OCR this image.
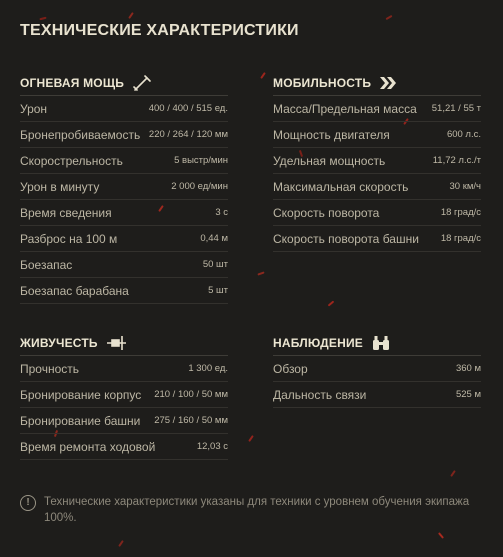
ТЕХНИЧЕСКИЕ ХАРАКТЕРИСТИКИ
ОГНЕВАЯ МОЩЬ
Урон	400 / 400 / 515 ед.
Бронепробиваемость 220 / 264 / 120 мм
Скорострельность	5 выстр/мин
Урон в минуту	2 000 ед/мин
Время сведения	3 с
Разброс на 100 м	0,44 м
Боезапас	50 шт
Боезапас барабана	5 шт
МОБИЛЬНОСТЬ
Масса/Предельная масса 51,21 / 55 т
Мощность двигателя	600 л.с.
Удельная мощность	11,72 л.с./т
Максимальная скорость	30 км/ч
Скорость поворота	18 град/с
Скорость поворота башни 18 град/с
ЖИВУЧЕСТЬ
Прочность	1 300 ед.
Бронирование корпус 210 / 100 / 50 мм
Бронирование башни 275 / 160 / 50 мм
Время ремонта ходовой	12,03 с
НАБЛЮДЕНИЕ
Обзор	360 м
Дальность связи	525 м
!	Технические характеристики указаны для техники с уровнем обучения экипажа 100%.
